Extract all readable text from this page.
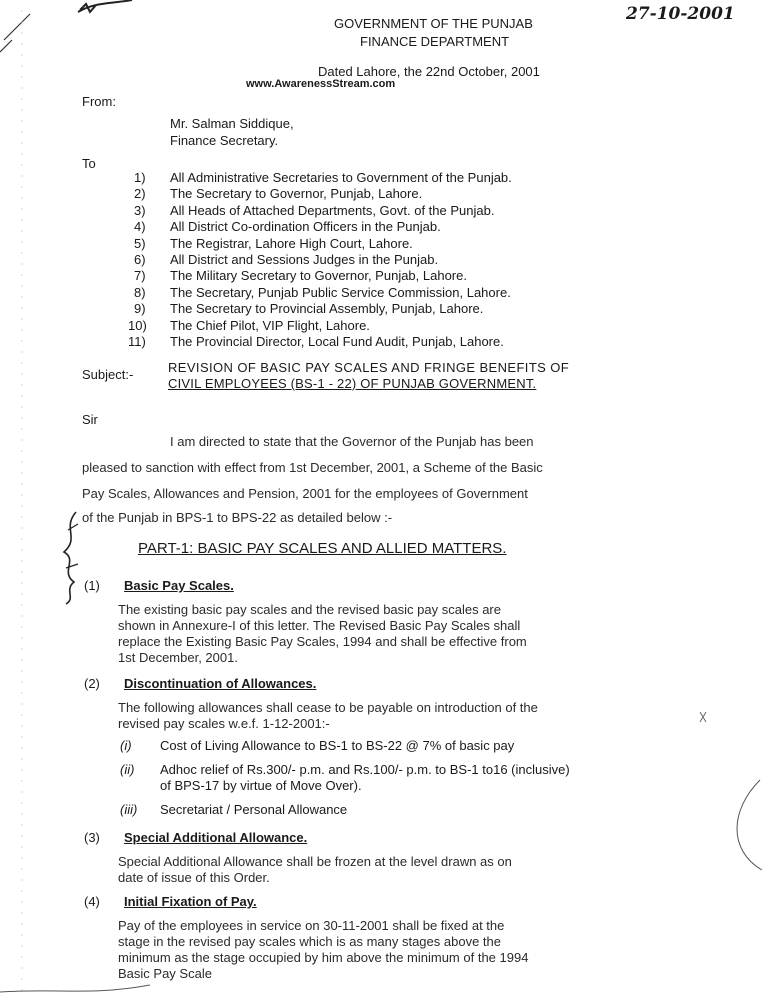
GOVERNMENT OF THE PUNJAB
FINANCE DEPARTMENT
27-10-2001
Dated Lahore, the 22nd October, 2001
www.AwarenessStream.com
From:
Mr. Salman Siddique,
Finance Secretary.
To
1) All Administrative Secretaries to Government of the Punjab.
2) The Secretary to Governor, Punjab, Lahore.
3) All Heads of Attached Departments, Govt. of the Punjab.
4) All District Co-ordination Officers in the Punjab.
5) The Registrar, Lahore High Court, Lahore.
6) All District and Sessions Judges in the Punjab.
7) The Military Secretary to Governor, Punjab, Lahore.
8) The Secretary, Punjab Public Service Commission, Lahore.
9) The Secretary to Provincial Assembly, Punjab, Lahore.
10) The Chief Pilot, VIP Flight, Lahore.
11) The Provincial Director, Local Fund Audit, Punjab, Lahore.
Subject:-	REVISION OF BASIC PAY SCALES AND FRINGE BENEFITS OF
CIVIL EMPLOYEES (BS-1 - 22) OF PUNJAB GOVERNMENT.
Sir
I am directed to state that the Governor of the Punjab has been
pleased to sanction with effect from 1st December, 2001, a Scheme of the Basic
Pay Scales, Allowances and Pension, 2001 for the employees of Government
of the Punjab in BPS-1 to BPS-22 as detailed below :-
PART-1: BASIC PAY SCALES AND ALLIED MATTERS.
(1) Basic Pay Scales.
The existing basic pay scales and the revised basic pay scales are
shown in Annexure-I of this letter. The Revised Basic Pay Scales shall
replace the Existing Basic Pay Scales, 1994 and shall be effective from
1st December, 2001.
(2) Discontinuation of Allowances.
The following allowances shall cease to be payable on introduction of the
revised pay scales w.e.f. 1-12-2001:-
(i) Cost of Living Allowance to BS-1 to BS-22 @ 7% of basic pay
(ii) Adhoc relief of Rs.300/- p.m. and Rs.100/- p.m. to BS-1 to16 (inclusive)
of BPS-17 by virtue of Move Over).
(iii) Secretariat / Personal Allowance
(3) Special Additional Allowance.
Special Additional Allowance shall be frozen at the level drawn as on
date of issue of this Order.
(4) Initial Fixation of Pay.
Pay of the employees in service on 30-11-2001 shall be fixed at the
stage in the revised pay scales which is as many stages above the
minimum as the stage occupied by him above the minimum of the 1994
Basic Pay Scale
